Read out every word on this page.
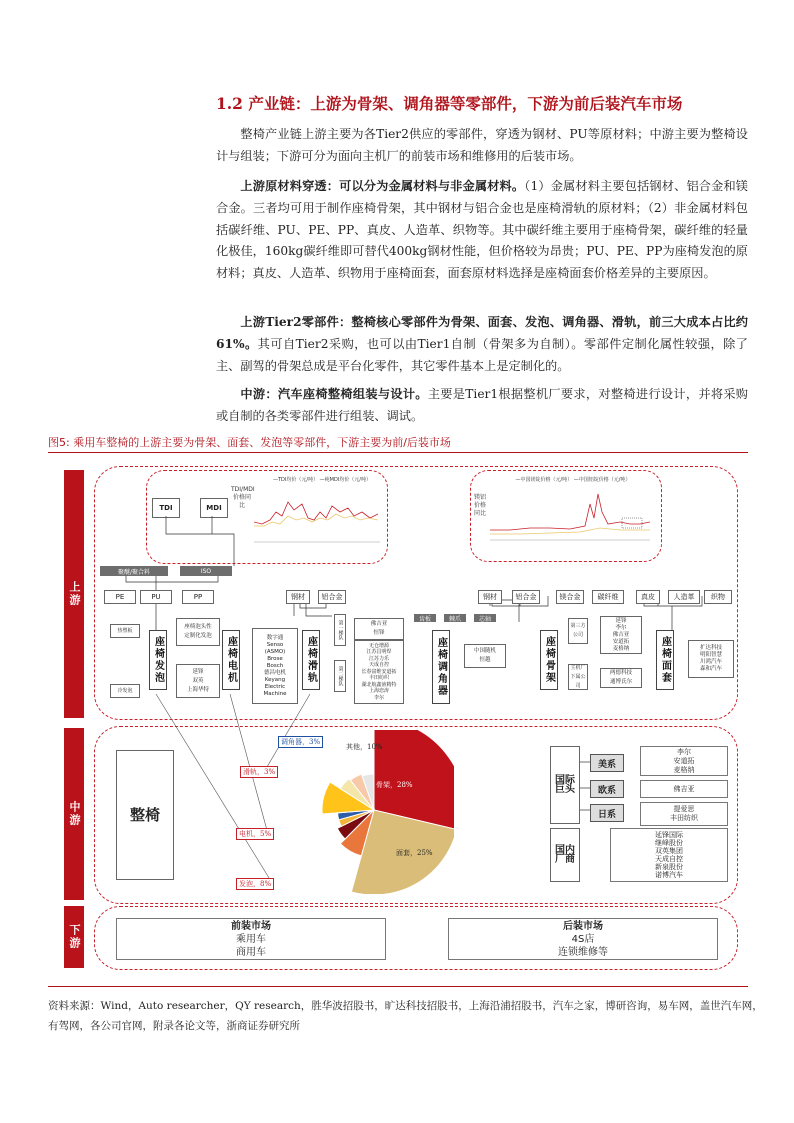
1.2 产业链：上游为骨架、调角器等零部件，下游为前后装汽车市场
整椅产业链上游主要为各Tier2供应的零部件，穿透为钢材、PU等原材料；中游主要为整椅设计与组装；下游可分为面向主机厂的前装市场和维修用的后装市场。
上游原材料穿透：可以分为金属材料与非金属材料。（1）金属材料主要包括钢材、铝合金和镁合金。三者均可用于制作座椅骨架，其中钢材与铝合金也是座椅滑轨的原材料；（2）非金属材料包括碳纤维、PU、PE、PP、真皮、人造革、织物等。其中碳纤维主要用于座椅骨架，碳纤维的轻量化极佳，160kg碳纤维即可替代400kg钢材性能，但价格较为昂贵；PU、PE、PP为座椅发泡的原材料；真皮、人造革、织物用于座椅面套，面套原材料选择是座椅面套价格差异的主要原因。
上游Tier2零部件：整椅核心零部件为骨架、面套、发泡、调角器、滑轨，前三大成本占比约61%。其可自Tier2采购，也可以由Tier1自制（骨架多为自制）。零部件定制化属性较强，除了主、副驾的骨架总成是平台化零件，其它零件基本上是定制化的。
中游：汽车座椅整椅组装与设计。主要是Tier1根据整机厂要求，对整椅进行设计，并将采购或自制的各类零部件进行组装、调试。
图5: 乘用车整椅的上游主要为骨架、面套、发泡等零部件，下游主要为前/后装市场
上游
中游
下游
TDI	MDI
TDI/MDI价格同比
—TDI均价（元/吨） —纯MDI均价（元/吨）
镁铝价格同比
—中国镁锭价格（元/吨） —中国铝锭价格（元/吨）
聚醚/聚合料	ISO
PE	PU	PP
热塑板
冷发泡
座椅发泡
座椅泡头性
定制化发泡
延锋
双英
上海华特
座椅电机	数字通
Senso
(ASMO)
Brose
Bosch
德昌电机
Keyang
Electric
Machine
钢材	铝合金
座椅滑轨
第一梯队
第二梯队
佛吉亚
恒锋
无仓增源
江苏昌明焊
江苏力乐
天成自控
长春富维安道拓
丰田纺织
湖北航鑫液精特
上海恋涛
李尔
齿板	棘爪	芯轴
座椅调角器	中国随机
恒越
钢材	铝合金	镁合金	碳纤维
座椅骨架
第三方公司
主机厂下属公司
延锋
李尔
佛吉亚
安道拓
麦格纳
两德科技
通博氏尔
真皮	人造革	织物
座椅面套	扩达科技
明阳智慧
川鸿汽车
森和汽车
整椅
骨架，28%
面套，25%
发泡，8%
电机，5%
滑轨，3%
调角器，3%
其他，10%
国际巨头
国内厂商
美系
欧系
日系
李尔
安道拓
麦格纳
佛吉亚
提爱思
丰田纺织
延锋国际
继峰股份
双英集团
天成自控
新泉股份
诺博汽车
前装市场
乘用车
商用车
后装市场
4S店
连锁维修等
资料来源：Wind，Auto researcher，QY research，胜华波招股书，旷达科技招股书，上海沿浦招股书，汽车之家，博研咨询，易车网，盖世汽车网，
有驾网，各公司官网，附录各论文等，浙商证券研究所
